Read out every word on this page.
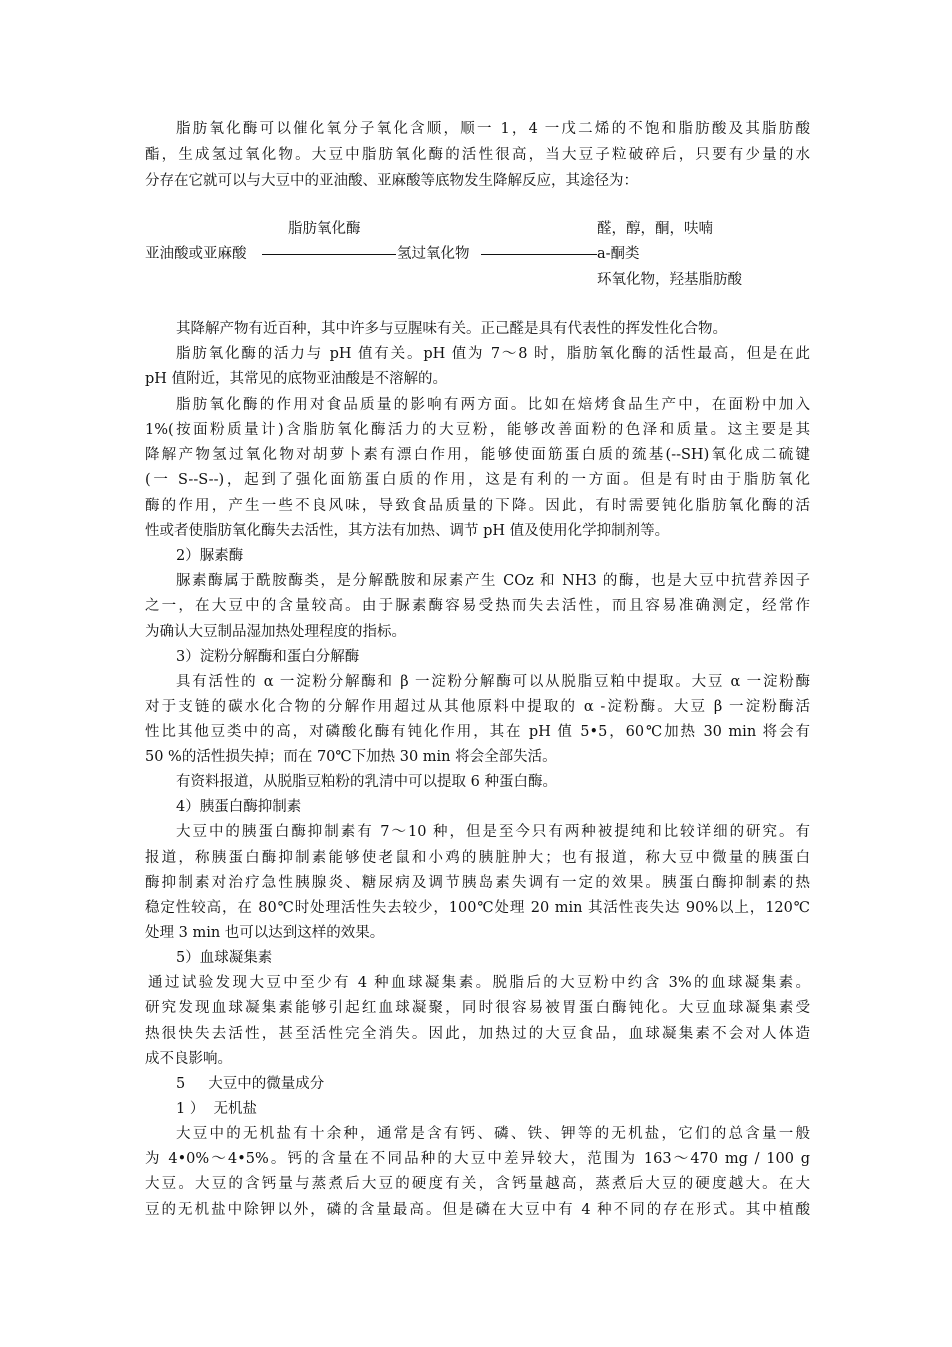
脂肪氧化酶可以催化氧分子氧化含顺，顺一 1，4 一戊二烯的不饱和脂肪酸及其脂肪酸
酯，生成氢过氧化物。大豆中脂肪氧化酶的活性很高，当大豆子粒破碎后，只要有少量的水
分存在它就可以与大豆中的亚油酸、亚麻酸等底物发生降解反应，其途径为：
脂肪氧化酶
亚油酸或亚麻酸	氢过氧化物
醛，醇，酮，呋喃
a-酮类
环氧化物，羟基脂肪酸
其降解产物有近百种，其中许多与豆腥味有关。正己醛是具有代表性的挥发性化合物。
脂肪氧化酶的活力与 pH 值有关。pH 值为 7～8 时，脂肪氧化酶的活性最高，但是在此
pH 值附近，其常见的底物亚油酸是不溶解的。
脂肪氧化酶的作用对食品质量的影响有两方面。比如在焙烤食品生产中，在面粉中加入
1%(按面粉质量计)含脂肪氧化酶活力的大豆粉，能够改善面粉的色泽和质量。这主要是其
降解产物氢过氧化物对胡萝卜素有漂白作用，能够使面筋蛋白质的巯基(--SH)氧化成二硫键
(一 S--S--)，起到了强化面筋蛋白质的作用，这是有利的一方面。但是有时由于脂肪氧化
酶的作用，产生一些不良风味，导致食品质量的下降。因此，有时需要钝化脂肪氧化酶的活
性或者使脂肪氧化酶失去活性，其方法有加热、调节 pH 值及使用化学抑制剂等。
2）脲素酶
脲素酶属于酰胺酶类，是分解酰胺和尿素产生 COz 和 NH3 的酶，也是大豆中抗营养因子
之一，在大豆中的含量较高。由于脲素酶容易受热而失去活性，而且容易准确测定，经常作
为确认大豆制品湿加热处理程度的指标。
3）淀粉分解酶和蛋白分解酶
具有活性的 α 一淀粉分解酶和 β 一淀粉分解酶可以从脱脂豆粕中提取。大豆 α 一淀粉酶
对于支链的碳水化合物的分解作用超过从其他原料中提取的 α -淀粉酶。大豆 β 一淀粉酶活
性比其他豆类中的高，对磷酸化酶有钝化作用，其在 pH 值 5•5，60℃加热 30 min 将会有
50 %的活性损失掉；而在 70℃下加热 30 min 将会全部失活。
有资料报道，从脱脂豆粕粉的乳清中可以提取 6 种蛋白酶。
4）胰蛋白酶抑制素
大豆中的胰蛋白酶抑制素有 7～10 种，但是至今只有两种被提纯和比较详细的研究。有
报道，称胰蛋白酶抑制素能够使老鼠和小鸡的胰脏肿大；也有报道，称大豆中微量的胰蛋白
酶抑制素对治疗急性胰腺炎、糖尿病及调节胰岛素失调有一定的效果。胰蛋白酶抑制素的热
稳定性较高，在 80℃时处理活性失去较少，100℃处理 20 min 其活性丧失达 90%以上，120℃
处理 3 min 也可以达到这样的效果。
5）血球凝集素
通过试验发现大豆中至少有 4 种血球凝集素。脱脂后的大豆粉中约含 3%的血球凝集素。
研究发现血球凝集素能够引起红血球凝聚，同时很容易被胃蛋白酶钝化。大豆血球凝集素受
热很快失去活性，甚至活性完全消失。因此，加热过的大豆食品，血球凝集素不会对人体造
成不良影响。
5     大豆中的微量成分
1 ）  无机盐
大豆中的无机盐有十余种，通常是含有钙、磷、铁、钾等的无机盐，它们的总含量一般
为 4•0%～4•5%。钙的含量在不同品种的大豆中差异较大，范围为 163～470 mg / 100 g
大豆。大豆的含钙量与蒸煮后大豆的硬度有关，含钙量越高，蒸煮后大豆的硬度越大。在大
豆的无机盐中除钾以外，磷的含量最高。但是磷在大豆中有 4 种不同的存在形式。其中植酸
